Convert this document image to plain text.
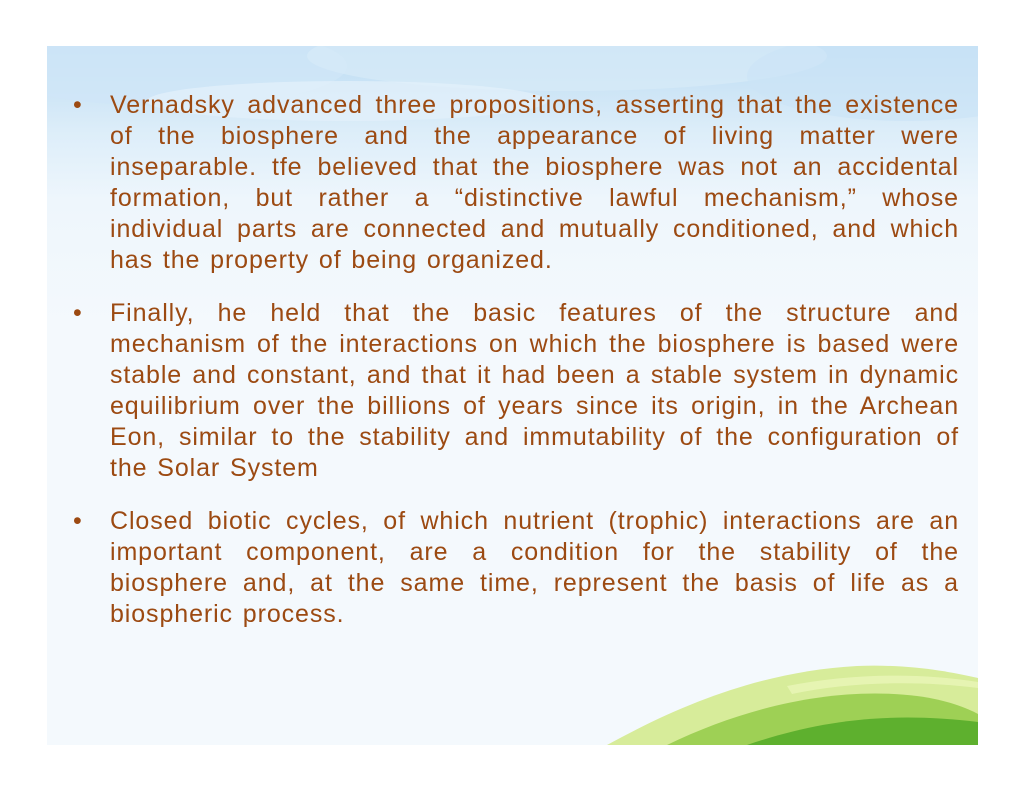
• Vernadsky advanced three propositions, asserting that the existence of the biosphere and the appearance of living matter were inseparable. tfe believed that the biosphere was not an accidental formation, but rather a “distinctive lawful mechanism,” whose individual parts are connected and mutually conditioned, and which has the property of being organized.
• Finally, he held that the basic features of the structure and mechanism of the interactions on which the biosphere is based were stable and constant, and that it had been a stable system in dynamic equilibrium over the billions of years since its origin, in the Archean Eon, similar to the stability and immutability of the configuration of the Solar System
• Closed biotic cycles, of which nutrient (trophic) interactions are an important component, are a condition for the stability of the biosphere and, at the same time, represent the basis of life as a biospheric process.
